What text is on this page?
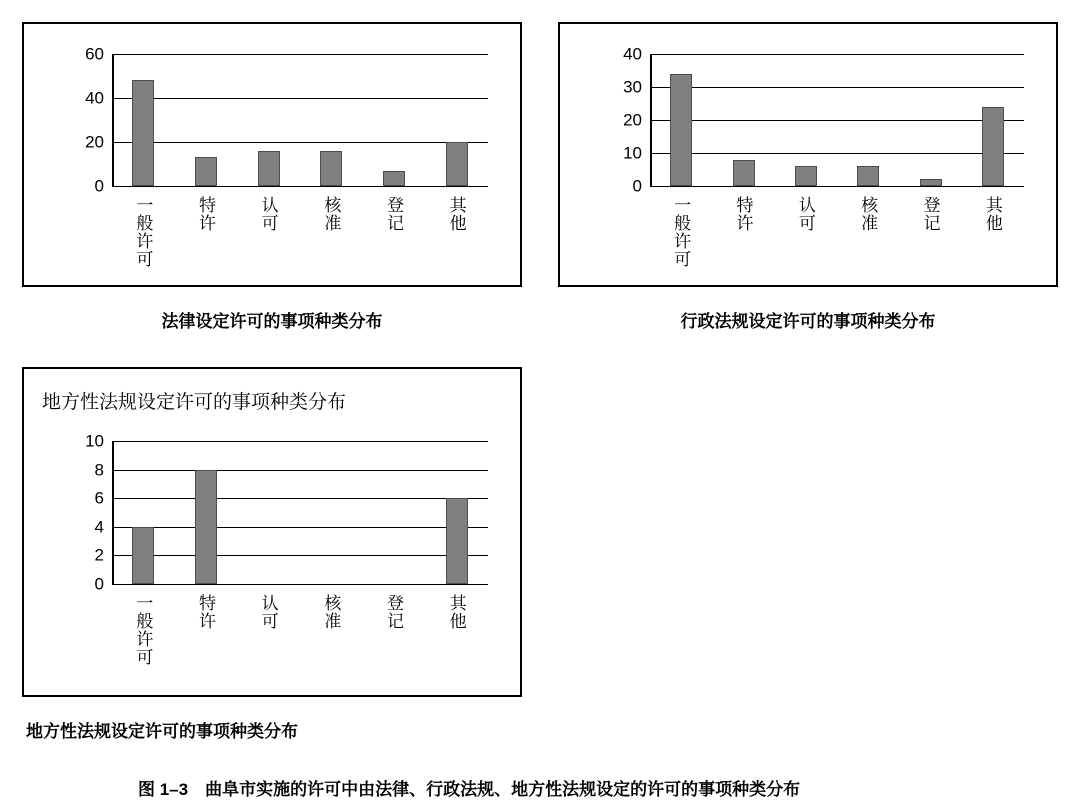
0
20
40
60
一般许可	特许	认可	核准	登记	其他
法律设定许可的事项种类分布
0
10
20
30
40
一般许可	特许	认可	核准	登记	其他
行政法规设定许可的事项种类分布
地方性法规设定许可的事项种类分布
0
2
4
6
8
10
一般许可	特许	认可	核准	登记	其他
地方性法规设定许可的事项种类分布
图 1–3　曲阜市实施的许可中由法律、行政法规、地方性法规设定的许可的事项种类分布
